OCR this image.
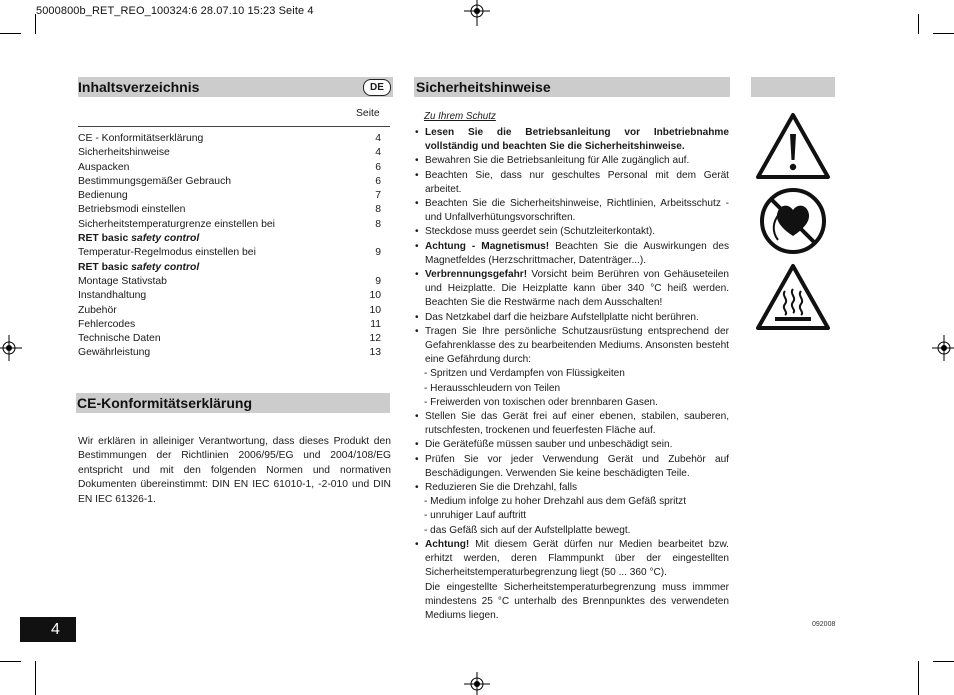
5000800b_RET_REO_100324:6 28.07.10 15:23 Seite 4
Inhaltsverzeichnis	DE
Seite
CE - Konformitätserklärung	4
Sicherheitshinweise	4
Auspacken	6
Bestimmungsgemäßer Gebrauch	6
Bedienung	7
Betriebsmodi einstellen	8
Sicherheitstemperaturgrenze einstellen bei	8
RET basic safety control
Temperatur-Regelmodus einstellen bei	9
RET basic safety control
Montage Stativstab	9
Instandhaltung	10
Zubehör	10
Fehlercodes	11
Technische Daten	12
Gewährleistung	13
CE-Konformitätserklärung
Wir erklären in alleiniger Verantwortung, dass dieses Produkt den Bestimmungen der Richtlinien 2006/95/EG und 2004/108/EG entspricht und mit den folgenden Normen und normativen Dokumenten übereinstimmt: DIN EN IEC 61010-1, -2-010 und DIN EN IEC 61326-1.
Sicherheitshinweise
Zu Ihrem Schutz
• Lesen Sie die Betriebsanleitung vor Inbetriebnahme vollständig und beachten Sie die Sicherheitshinweise.
• Bewahren Sie die Betriebsanleitung für Alle zugänglich auf.
• Beachten Sie, dass nur geschultes Personal mit dem Gerät arbeitet.
• Beachten Sie die Sicherheitshinweise, Richtlinien, Arbeitsschutz - und Unfallverhütungsvorschriften.
• Steckdose muss geerdet sein (Schutzleiterkontakt).
• Achtung - Magnetismus! Beachten Sie die Auswirkungen des Magnetfeldes (Herzschrittmacher, Datenträger...).
• Verbrennungsgefahr! Vorsicht beim Berühren von Gehäuseteilen und Heizplatte. Die Heizplatte kann über 340 °C heiß werden. Beachten Sie die Restwärme nach dem Ausschalten!
• Das Netzkabel darf die heizbare Aufstellplatte nicht berühren.
• Tragen Sie Ihre persönliche Schutzausrüstung entsprechend der Gefahrenklasse des zu bearbeitenden Mediums. Ansonsten besteht eine Gefährdung durch:
- Spritzen und Verdampfen von Flüssigkeiten
- Herausschleudern von Teilen
- Freiwerden von toxischen oder brennbaren Gasen.
• Stellen Sie das Gerät frei auf einer ebenen, stabilen, sauberen, rutschfesten, trockenen und feuerfesten Fläche auf.
• Die Gerätefüße müssen sauber und unbeschädigt sein.
• Prüfen Sie vor jeder Verwendung Gerät und Zubehör auf Beschädigungen. Verwenden Sie keine beschädigten Teile.
• Reduzieren Sie die Drehzahl, falls
- Medium infolge zu hoher Drehzahl aus dem Gefäß spritzt
- unruhiger Lauf auftritt
- das Gefäß sich auf der Aufstellplatte bewegt.
• Achtung! Mit diesem Gerät dürfen nur Medien bearbeitet bzw. erhitzt werden, deren Flammpunkt über der eingestellten Sicherheitstemperaturbegrenzung liegt (50 ... 360 °C).
Die eingestellte Sicherheitstemperaturbegrenzung muss immmer mindestens 25 °C unterhalb des Brennpunktes des verwendeten Mediums liegen.
092008
4
